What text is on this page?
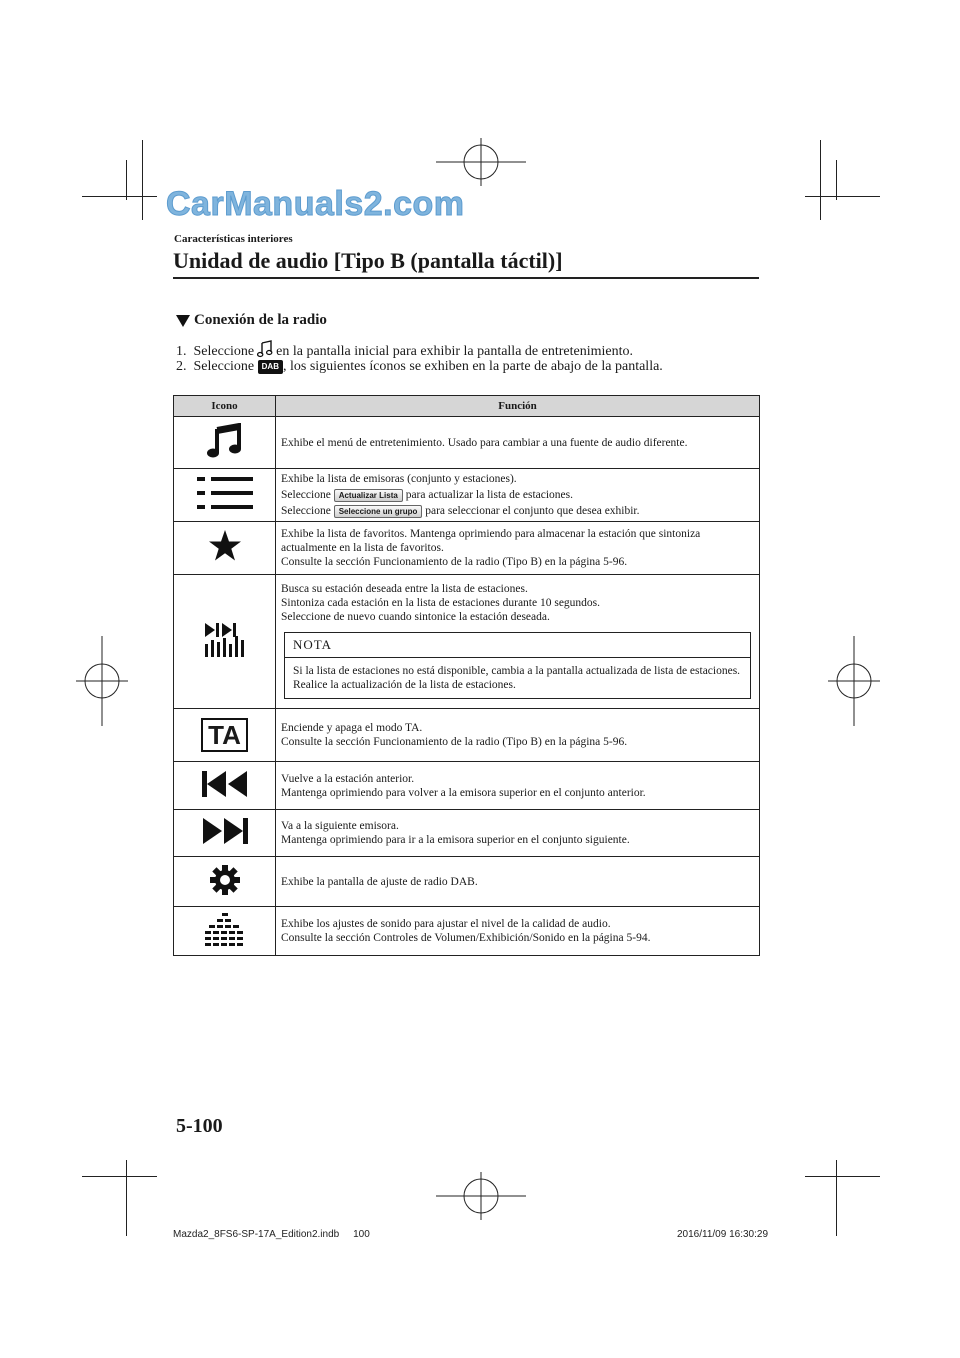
CarManuals2.com
Características interiores
Unidad de audio [Tipo B (pantalla táctil)]
Conexión de la radio
1.
Seleccione en la pantalla inicial para exhibir la pantalla de entretenimiento.
2.
Seleccione
DAB , los siguientes íconos se exhiben en la parte de abajo de la pantalla.
Icono	Función
	Exhibe el menú de entretenimiento. Usado para cambiar a una fuente de audio diferente.

Exhibe la lista de emisoras (conjunto y estaciones).
Seleccione Actualizar Lista para actualizar la lista de estaciones.
Seleccione Seleccione un grupo para seleccionar el conjunto que desea exhibir.

Exhibe la lista de favoritos. Mantenga oprimiendo para almacenar la estación que sintoniza actualmente en la lista de favoritos.
Consulte la sección Funcionamiento de la radio (Tipo B) en la página 5-96.

Busca su estación deseada entre la lista de estaciones.
Sintoniza cada estación en la lista de estaciones durante 10 segundos.
Seleccione de nuevo cuando sintonice la estación deseada.
NOTA
Si la lista de estaciones no está disponible, cambia a la pantalla actualizada de lista de estaciones. Realice la actualización de la lista de estaciones.

TA	Enciende y apaga el modo TA.
Consulte la sección Funcionamiento de la radio (Tipo B) en la página 5-96.

Vuelve a la estación anterior.
Mantenga oprimiendo para volver a la emisora superior en el conjunto anterior.

Va a la siguiente emisora.
Mantenga oprimiendo para ir a la emisora superior en el conjunto siguiente.

	Exhibe la pantalla de ajuste de radio DAB.

Exhibe los ajustes de sonido para ajustar el nivel de la calidad de audio.
Consulte la sección Controles de Volumen/Exhibición/Sonido en la página 5-94.
5-100
Mazda2_8FS6-SP-17A_Edition2.indb 100	2016/11/09 16:30:29
